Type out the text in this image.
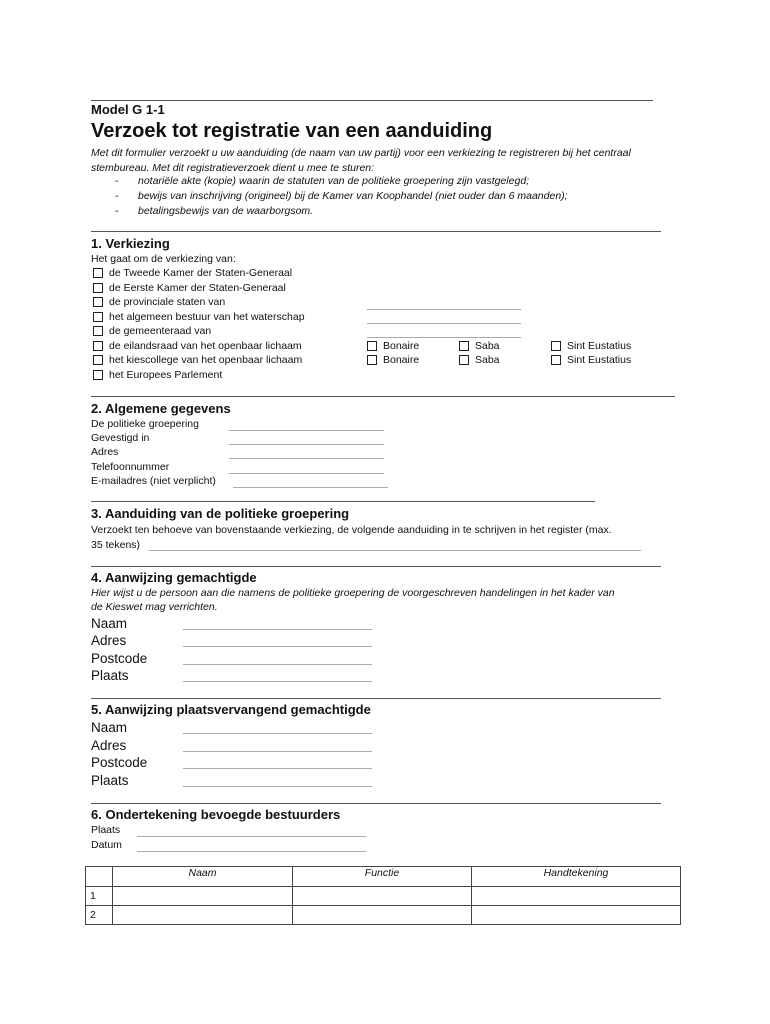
Model G 1-1
Verzoek tot registratie van een aanduiding
Met dit formulier verzoekt u uw aanduiding (de naam van uw partij) voor een verkiezing te registreren bij het centraal stembureau. Met dit registratieverzoek dient u mee te sturen:
- notariële akte (kopie) waarin de statuten van de politieke groepering zijn vastgelegd;
- bewijs van inschrijving (origineel) bij de Kamer van Koophandel (niet ouder dan 6 maanden);
- betalingsbewijs van de waarborgsom.
1. Verkiezing
Het gaat om de verkiezing van:
de Tweede Kamer der Staten-Generaal
de Eerste Kamer der Staten-Generaal
de provinciale staten van
het algemeen bestuur van het waterschap
de gemeenteraad van
de eilandsraad van het openbaar lichaam	Bonaire	Saba	Sint Eustatius
het kiescollege van het openbaar lichaam	Bonaire	Saba	Sint Eustatius
het Europees Parlement
2. Algemene gegevens
De politieke groepering
Gevestigd in
Adres
Telefoonnummer
E-mailadres (niet verplicht)
3. Aanduiding van de politieke groepering
Verzoekt ten behoeve van bovenstaande verkiezing, de volgende aanduiding in te schrijven in het register (max.
35 tekens)
4. Aanwijzing gemachtigde
Hier wijst u de persoon aan die namens de politieke groepering de voorgeschreven handelingen in het kader van
de Kieswet mag verrichten.
Naam
Adres
Postcode
Plaats
5. Aanwijzing plaatsvervangend gemachtigde
Naam
Adres
Postcode
Plaats
6. Ondertekening bevoegde bestuurders
Plaats
Datum
	Naam	Functie	Handtekening
1			
2			
